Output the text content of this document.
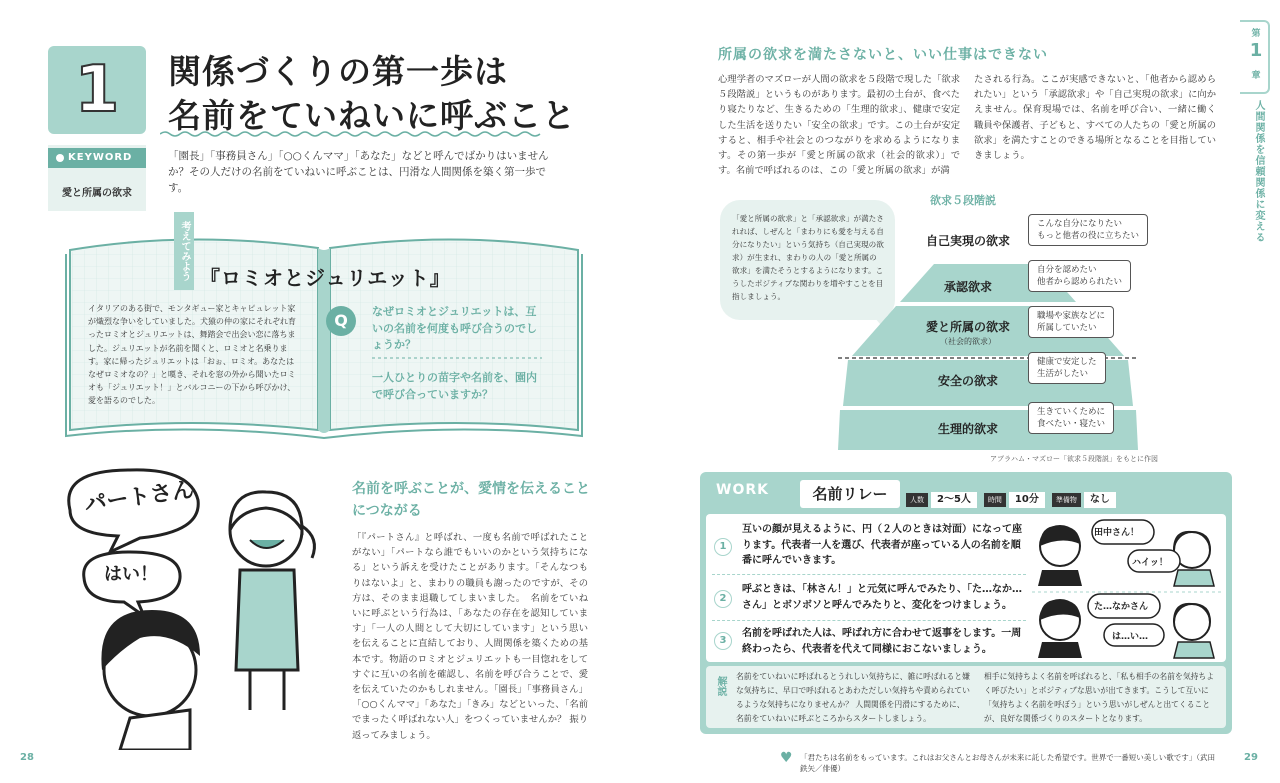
1	関係づくりの第一歩は
名前をていねいに呼ぶこと
KEYWORD
愛と所属の欲求
「園長」「事務員さん」「○○くんママ」「あなた」などと呼んでばかりはいませんか？その人だけの名前をていねいに呼ぶことは、円滑な人間関係を築く第一歩です。
考えてみよう 『ロミオとジュリエット』
イタリアのある街で、モンタギュー家とキャピュレット家が熾烈な争いをしていました。犬猿の仲の家にそれぞれ育ったロミオとジュリエットは、舞踏会で出会い恋に落ちました。ジュリエットが名前を聞くと、ロミオと名乗ります。家に帰ったジュリエットは「おぉ、ロミオ。あなたはなぜロミオなの？」と嘆き、それを窓の外から聞いたロミオも「ジュリエット！」とバルコニーの下から呼びかけ、愛を語るのでした。
Q	なぜロミオとジュリエットは、互いの名前を何度も呼び合うのでしょうか？
一人ひとりの苗字や名前を、園内で呼び合っていますか？
パートさん
はい！
名前を呼ぶことが、愛情を伝えることにつながる
「『パートさん』と呼ばれ、一度も名前で呼ばれたことがない」「パートなら誰でもいいのかという気持ちになる」という訴えを受けたことがあります。「そんなつもりはないよ」と、まわりの職員も謝ったのですが、その方は、そのまま退職してしまいました。　名前をていねいに呼ぶという行為は、「あなたの存在を認知しています」「一人の人間として大切にしています」という思いを伝えることに直結しており、人間関係を築くための基本です。物語のロミオとジュリエットも一目惚れをしてすぐに互いの名前を確認し、名前を呼び合うことで、愛を伝えていたのかもしれません。「園長」「事務員さん」「○○くんママ」「あなた」「きみ」などといった、「名前でまったく呼ばれない人」をつくっていませんか？ 振り返ってみましょう。
28
所属の欲求を満たさないと、いい仕事はできない
心理学者のマズローが人間の欲求を５段階で現した「欲求５段階説」というものがあります。最初の土台が、食べたり寝たりなど、生きるための「生理的欲求」、健康で安定した生活を送りたい「安全の欲求」です。この土台が安定すると、相手や社会とのつながりを求めるようになります。その第一歩が「愛と所属の欲求（社会的欲求）」です。名前で呼ばれるのは、この「愛と所属の欲求」が満
たされる行為。ここが実感できないと、「他者から認められたい」という「承認欲求」や「自己実現の欲求」に向かえません。保育現場では、名前を呼び合い、一緒に働く職員や保護者、子どもと、すべての人たちの「愛と所属の欲求」を満たすことのできる場所となることを目指していきましょう。
第
1
章
人間関係を信頼関係に変える
「愛と所属の欲求」と「承認欲求」が満たされれば、しぜんと「まわりにも愛を与える自分になりたい」という気持ち（自己実現の欲求）が生まれ、まわりの人の「愛と所属の欲求」を満たそうとするようになります。こうしたポジティブな関わりを増やすことを目指しましょう。
欲求５段階説
自己実現の欲求
承認欲求
愛と所属の欲求
（社会的欲求）
安全の欲求
生理的欲求
こんな自分になりたい
もっと他者の役に立ちたい
自分を認めたい
他者から認められたい
職場や家族などに
所属していたい
健康で安定した
生活がしたい
生きていくために
食べたい・寝たい
アブラハム・マズロー「欲求５段階説」をもとに作図
WORK	名前リレー	人数	2〜5人	時間	10分	準備物	なし
1
互いの顔が見えるように、円（２人のときは対面）になって座ります。代表者一人を選び、代表者が座っている人の名前を順番に呼んでいきます。
2
呼ぶときは、「林さん！」と元気に呼んでみたり、「た…なか…さん」とボソボソと呼んでみたりと、変化をつけましょう。
3
名前を呼ばれた人は、呼ばれ方に合わせて返事をします。一周終わったら、代表者を代えて同様におこないましょう。
田中さん！
ハイッ！
た…なかさん
は…い…
解説 名前をていねいに呼ばれるとうれしい気持ちに、雑に呼ばれると嫌な気持ちに、早口で呼ばれるとあわただしい気持ちや責められているような気持ちになりませんか？ 人間関係を円滑にするために、名前をていねいに呼ぶところからスタートしましょう。
相手に気持ちよく名前を呼ばれると、「私も相手の名前を気持ちよく呼びたい」とポジティブな思いが出てきます。こうして互いに「気持ちよく名前を呼ぼう」という思いがしぜんと出てくることが、良好な関係づくりのスタートとなります。
♥ 「君たちは名前をもっています。これはお父さんとお母さんが未来に託した希望です。世界で一番短い美しい歌です」（武田鉄矢／俳優）
29
